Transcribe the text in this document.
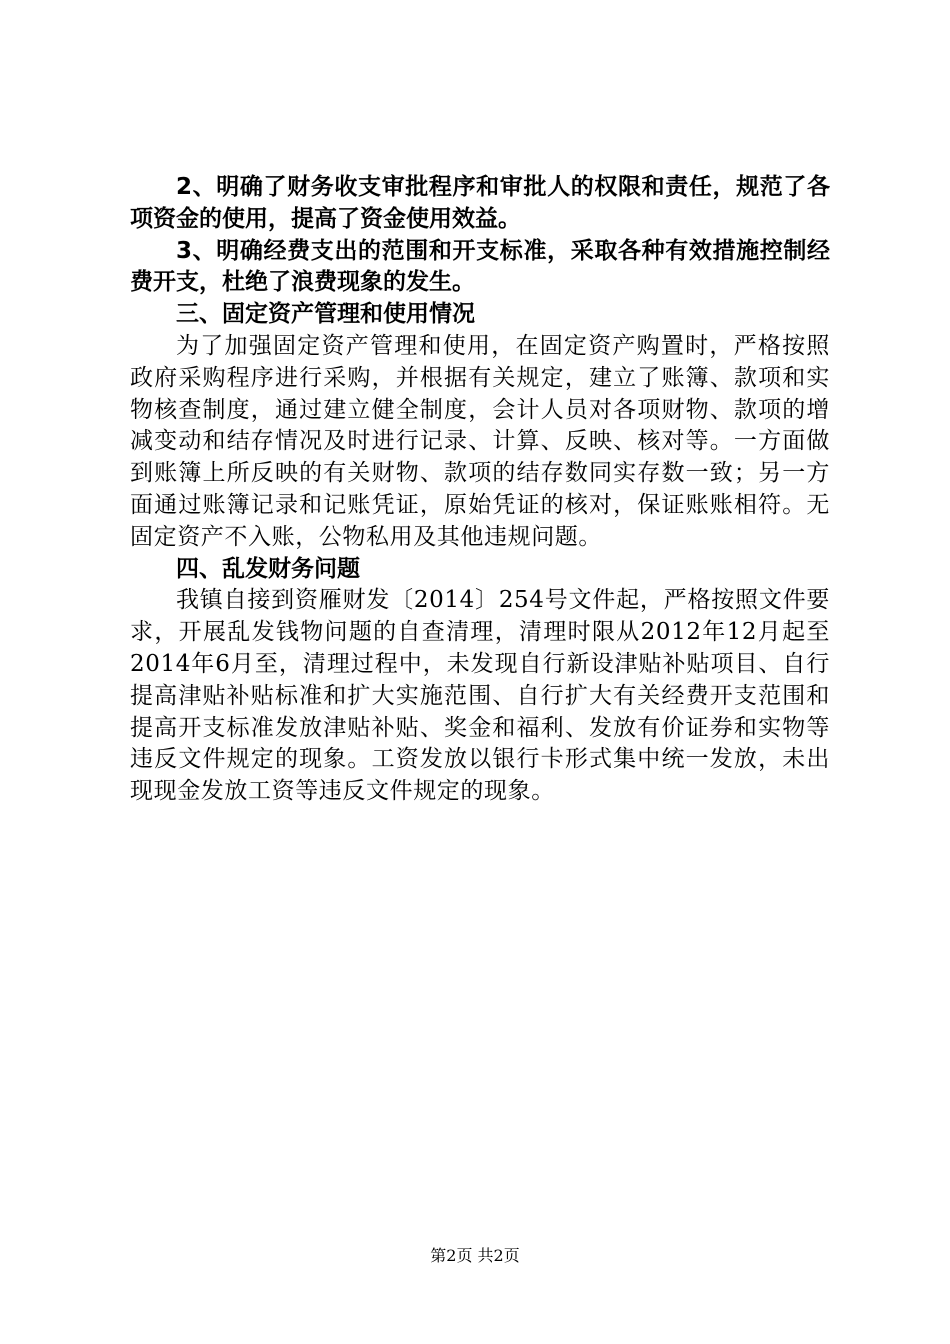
2、明确了财务收支审批程序和审批人的权限和责任，规范了各项资金的使用，提高了资金使用效益。

3、明确经费支出的范围和开支标准，采取各种有效措施控制经费开支，杜绝了浪费现象的发生。

三、固定资产管理和使用情况

为了加强固定资产管理和使用，在固定资产购置时，严格按照政府采购程序进行采购，并根据有关规定，建立了账簿、款项和实物核查制度，通过建立健全制度，会计人员对各项财物、款项的增减变动和结存情况及时进行记录、计算、反映、核对等。一方面做到账簿上所反映的有关财物、款项的结存数同实存数一致；另一方面通过账簿记录和记账凭证，原始凭证的核对，保证账账相符。无固定资产不入账，公物私用及其他违规问题。

四、乱发财务问题

我镇自接到资雁财发〔2014〕254号文件起，严格按照文件要求，开展乱发钱物问题的自查清理，清理时限从2012年12月起至2014年6月至，清理过程中，未发现自行新设津贴补贴项目、自行提高津贴补贴标准和扩大实施范围、自行扩大有关经费开支范围和提高开支标准发放津贴补贴、奖金和福利、发放有价证券和实物等违反文件规定的现象。工资发放以银行卡形式集中统一发放，未出现现金发放工资等违反文件规定的现象。

第2页 共2页
